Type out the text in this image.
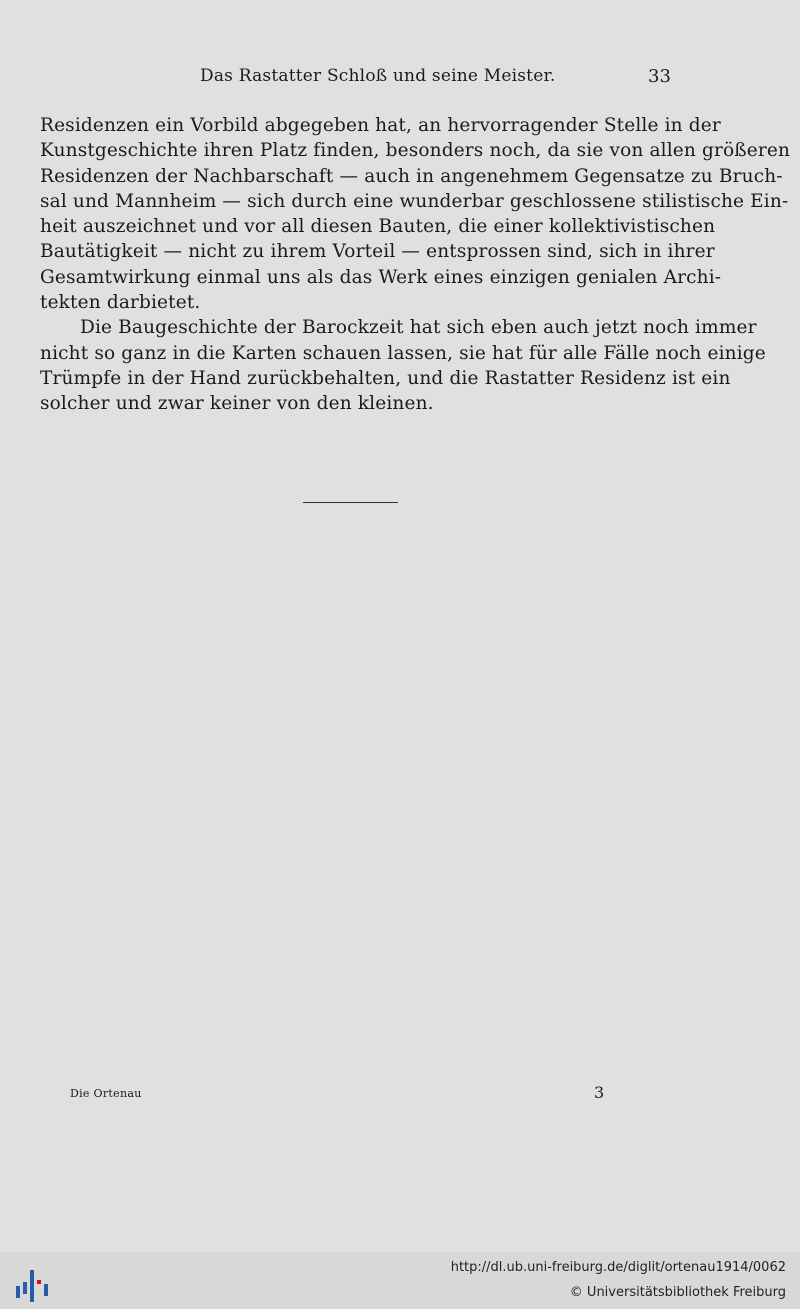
Das Rastatter Schloß und seine Meister.	33
Residenzen ein Vorbild abgegeben hat, an hervorragender Stelle in der
Kunstgeschichte ihren Platz finden, besonders noch, da sie von allen größeren
Residenzen der Nachbarschaft — auch in angenehmem Gegensatze zu Bruch-
sal und Mannheim — sich durch eine wunderbar geschlossene stilistische Ein-
heit auszeichnet und vor all diesen Bauten, die einer kollektivistischen
Bautätigkeit — nicht zu ihrem Vorteil — entsprossen sind, sich in ihrer
Gesamtwirkung einmal uns als das Werk eines einzigen genialen Archi-
tekten darbietet.
Die Baugeschichte der Barockzeit hat sich eben auch jetzt noch immer
nicht so ganz in die Karten schauen lassen, sie hat für alle Fälle noch einige
Trümpfe in der Hand zurückbehalten, und die Rastatter Residenz ist ein
solcher und zwar keiner von den kleinen.
Die Ortenau	3
http://dl.ub.uni-freiburg.de/diglit/ortenau1914/0062
© Universitätsbibliothek Freiburg
